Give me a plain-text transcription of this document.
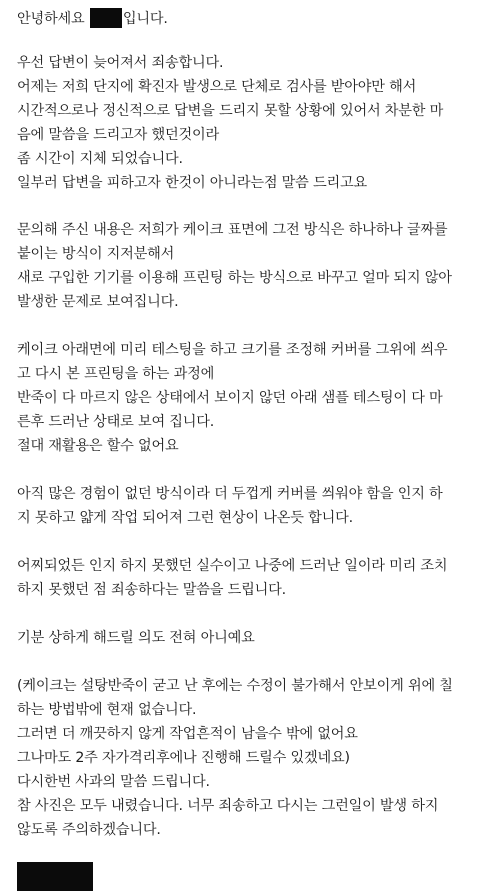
안녕하세요 입니다.
우선 답변이 늦어져서 죄송합니다.
어제는 저희 단지에 확진자 발생으로 단체로 검사를 받아야만 해서
시간적으로나 정신적으로 답변을 드리지 못할 상황에 있어서 차분한 마
음에 말씀을 드리고자 했던것이라
좀 시간이 지체 되었습니다.
일부러 답변을 피하고자 한것이 아니라는점 말씀 드리고요
문의해 주신 내용은 저희가 케이크 표면에 그전 방식은 하나하나 글짜를
붙이는 방식이 지저분해서
새로 구입한 기기를 이용해 프린팅 하는 방식으로 바꾸고 얼마 되지 않아
발생한 문제로 보여집니다.
케이크 아래면에 미리 테스팅을 하고 크기를 조정해 커버를 그위에 씌우
고 다시 본 프린팅을 하는 과정에
반죽이 다 마르지 않은 상태에서 보이지 않던 아래 샘플 테스팅이 다 마
른후 드러난 상태로 보여 집니다.
절대 재활용은 할수 없어요
아직 많은 경험이 없던 방식이라 더 두껍게 커버를 씌워야 함을 인지 하
지 못하고 얇게 작업 되어져 그런 현상이 나온듯 합니다.
어찌되었든 인지 하지 못했던 실수이고 나중에 드러난 일이라 미리 조치
하지 못했던 점 죄송하다는 말씀을 드립니다.
기분 상하게 해드릴 의도 전혀 아니예요
(케이크는 설탕반죽이 굳고 난 후에는 수정이 불가해서 안보이게 위에 칠
하는 방법밖에 현재 없습니다.
그러면 더 깨끗하지 않게 작업흔적이 남을수 밖에 없어요
그나마도 2주 자가격리후에나 진행해 드릴수 있겠네요)
다시한번 사과의 말씀 드립니다.
참 사진은 모두 내렸습니다. 너무 죄송하고 다시는 그런일이 발생 하지
않도록 주의하겠습니다.
